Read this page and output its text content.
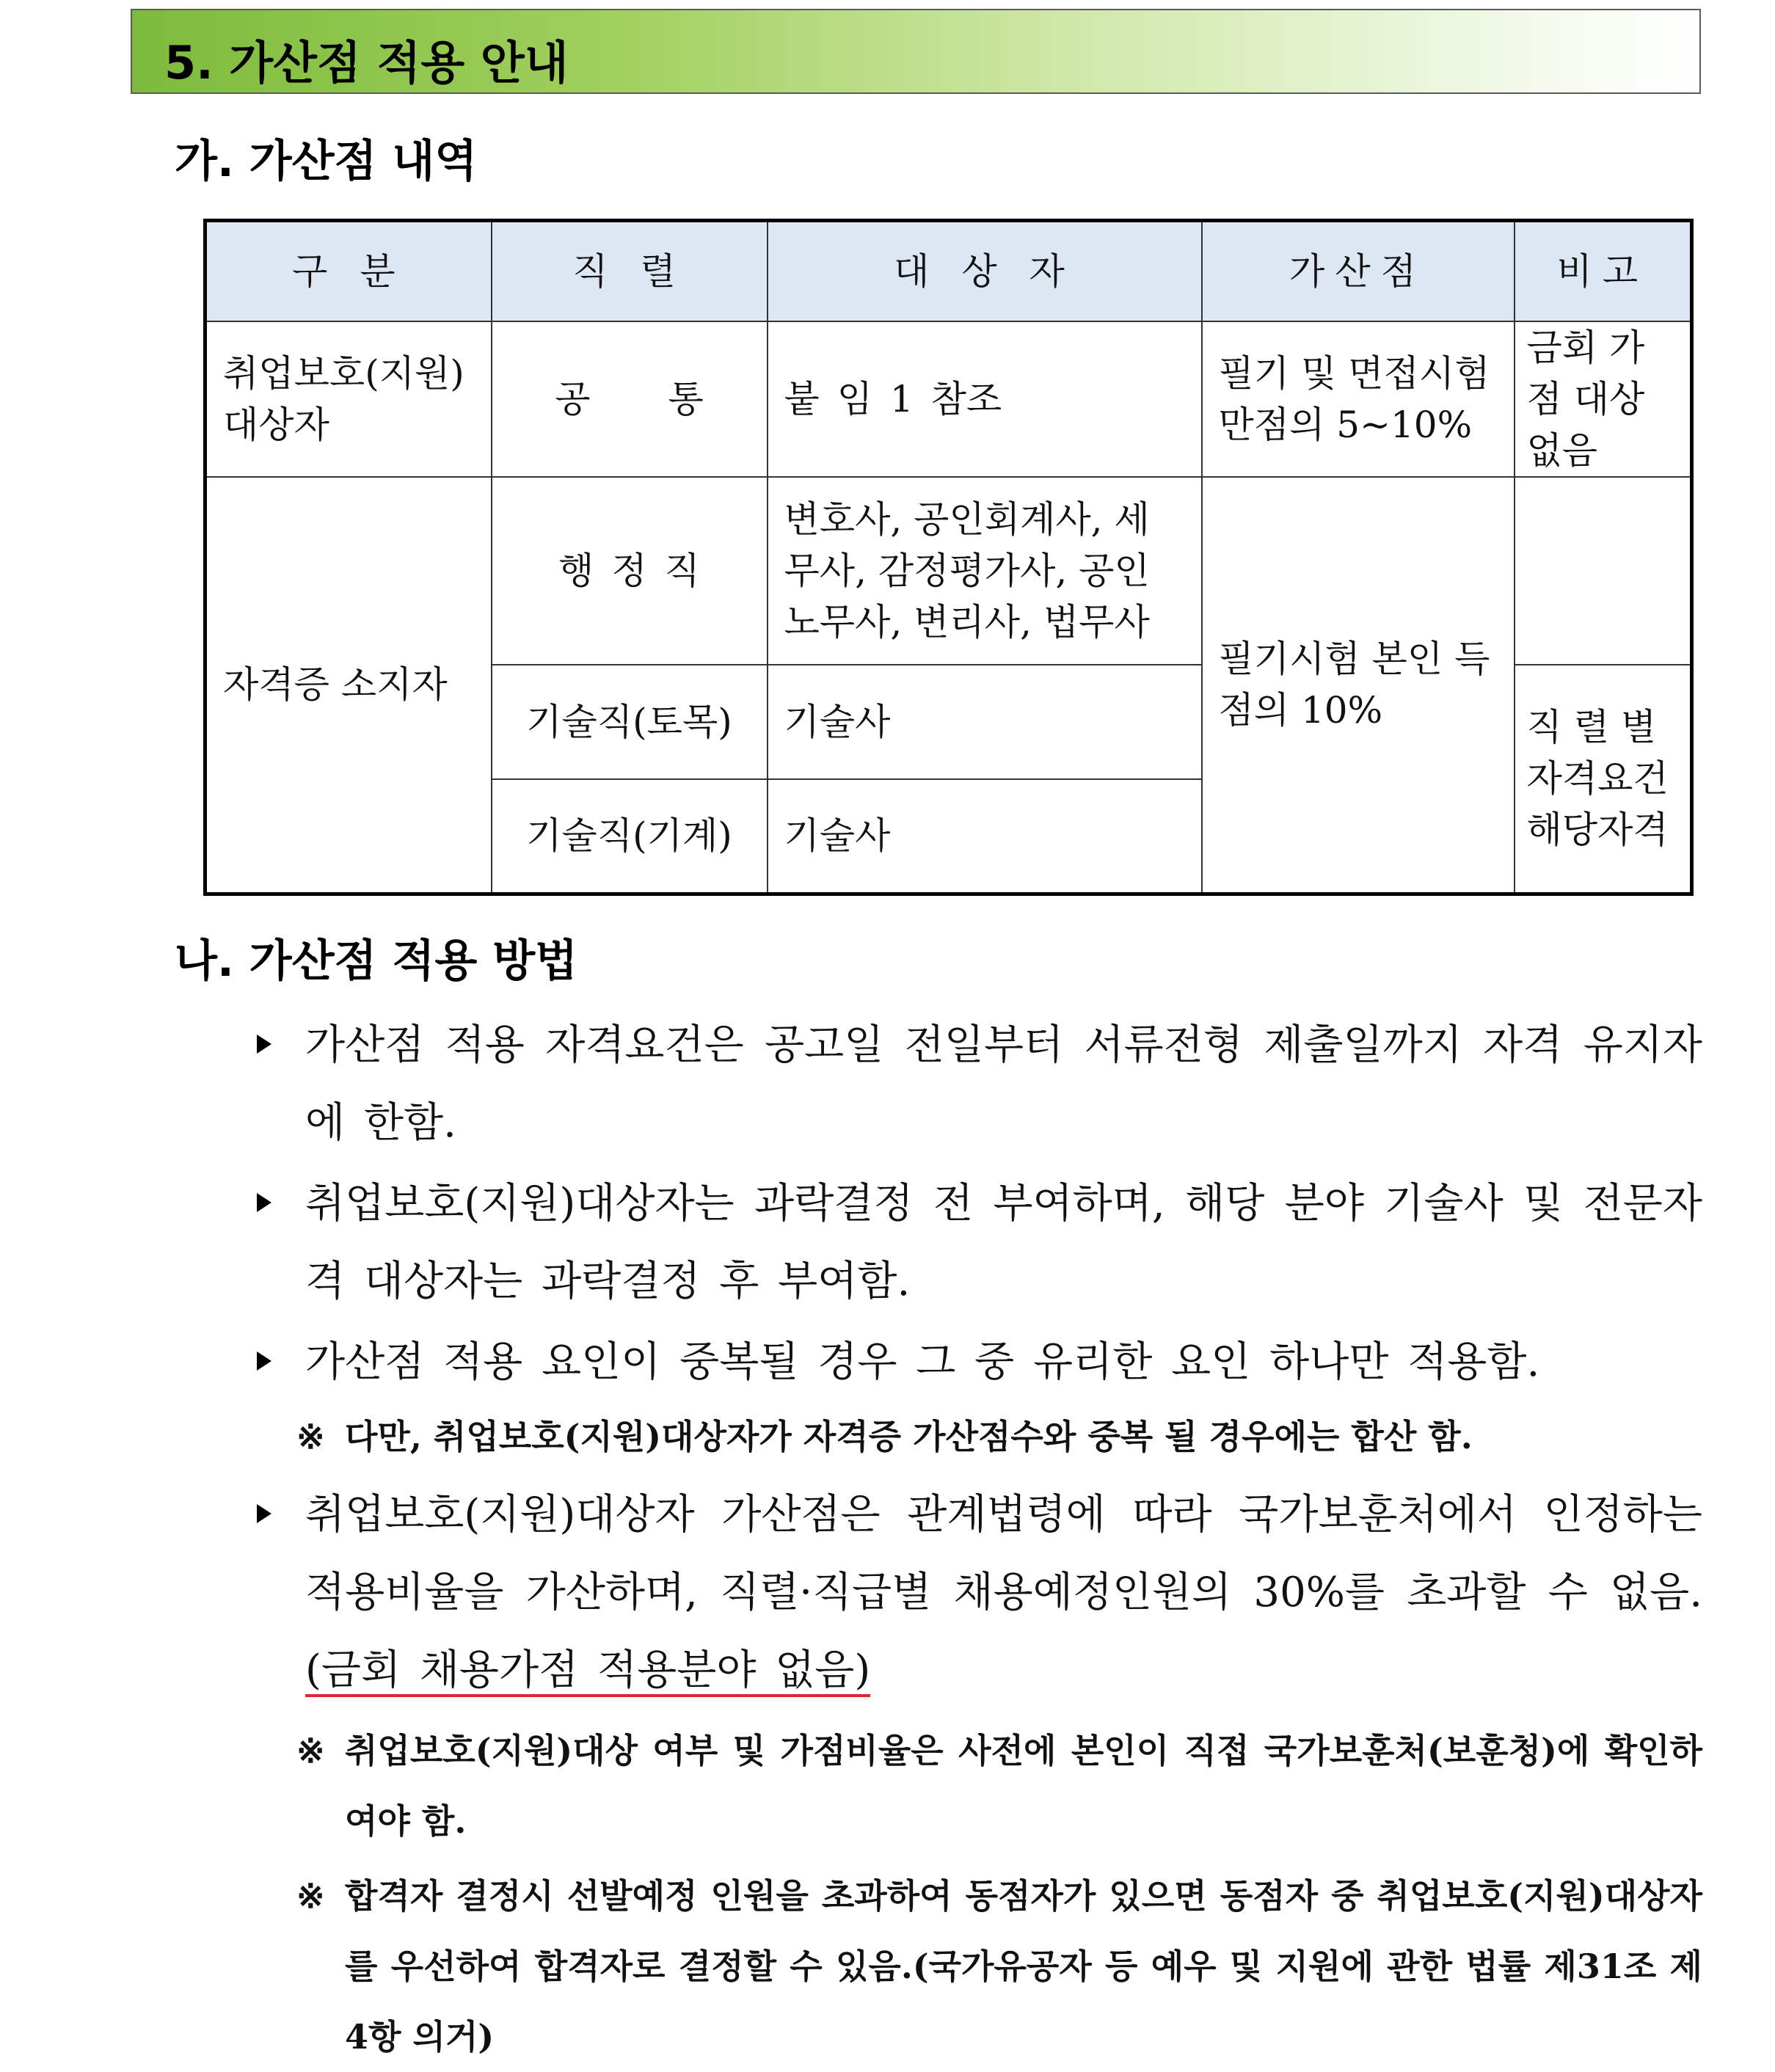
5. 가산점 적용 안내
가. 가산점 내역
구 분	직 렬	대 상 자	가산점	비고
취업보호(지원)대상자	공 통	붙 임 1 참조	필기 및 면접시험 만점의 5~10%	금회 가점 대상 없음
자격증 소지자	행 정 직	변호사, 공인회계사, 세무사, 감정평가사, 공인노무사, 변리사, 법무사	필기시험 본인 득점의 10%	
	기술직(토목)	기술사		직 렬 별 자격요건 해당자격
	기술직(기계)	기술사		
나. 가산점 적용 방법
가산점 적용 자격요건은 공고일 전일부터 서류전형 제출일까지 자격 유지자에 한함.
취업보호(지원)대상자는 과락결정 전 부여하며, 해당 분야 기술사 및 전문자격 대상자는 과락결정 후 부여함.
가산점 적용 요인이 중복될 경우 그 중 유리한 요인 하나만 적용함.
※ 다만, 취업보호(지원)대상자가 자격증 가산점수와 중복 될 경우에는 합산 함.
취업보호(지원)대상자 가산점은 관계법령에 따라 국가보훈처에서 인정하는 적용비율을 가산하며, 직렬·직급별 채용예정인원의 30%를 초과할 수 없음.(금회 채용가점 적용분야 없음)
※ 취업보호(지원)대상 여부 및 가점비율은 사전에 본인이 직접 국가보훈처(보훈청)에 확인하여야 함.
※ 합격자 결정시 선발예정 인원을 초과하여 동점자가 있으면 동점자 중 취업보호(지원)대상자를 우선하여 합격자로 결정할 수 있음.(국가유공자 등 예우 및 지원에 관한 법률 제31조 제4항 의거)
